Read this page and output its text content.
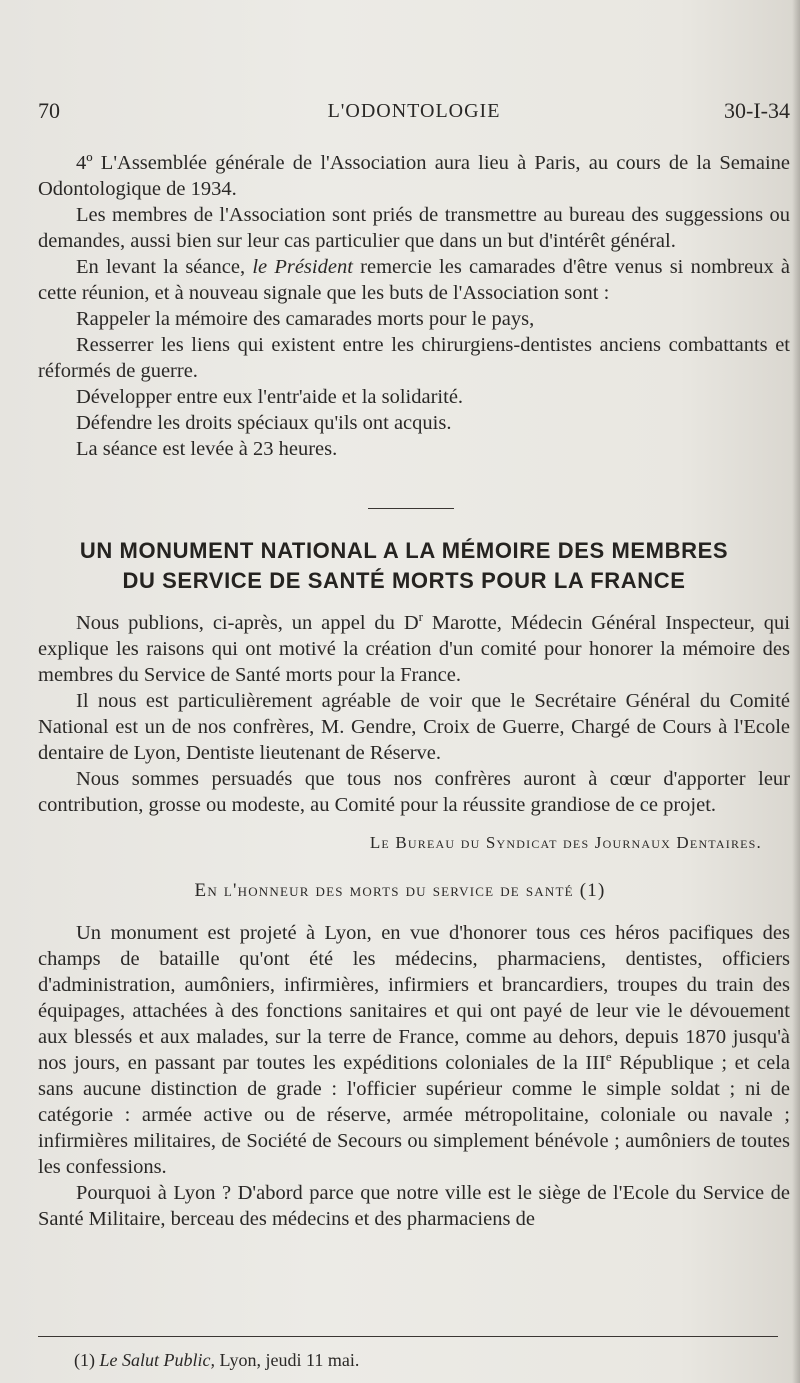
70	L'ODONTOLOGIE	30-I-34

4º L'Assemblée générale de l'Association aura lieu à Paris, au cours de la Semaine Odontologique de 1934.

Les membres de l'Association sont priés de transmettre au bureau des suggessions ou demandes, aussi bien sur leur cas particulier que dans un but d'intérêt général.

En levant la séance, le Président remercie les camarades d'être venus si nombreux à cette réunion, et à nouveau signale que les buts de l'Association sont :

Rappeler la mémoire des camarades morts pour le pays,

Resserrer les liens qui existent entre les chirurgiens-dentistes anciens combattants et réformés de guerre.

Développer entre eux l'entr'aide et la solidarité.

Défendre les droits spéciaux qu'ils ont acquis.

La séance est levée à 23 heures.

UN MONUMENT NATIONAL A LA MÉMOIRE DES MEMBRES
DU SERVICE DE SANTÉ MORTS POUR LA FRANCE

Nous publions, ci-après, un appel du $D^r$ Marotte, Médecin Général Inspecteur, qui explique les raisons qui ont motivé la création d'un comité pour honorer la mémoire des membres du Service de Santé morts pour la France.

Il nous est particulièrement agréable de voir que le Secrétaire Général du Comité National est un de nos confrères, M. Gendre, Croix de Guerre, Chargé de Cours à l'Ecole dentaire de Lyon, Dentiste lieutenant de Réserve.

Nous sommes persuadés que tous nos confrères auront à cœur d'apporter leur contribution, grosse ou modeste, au Comité pour la réussite grandiose de ce projet.

Le Bureau du Syndicat des Journaux Dentaires.
En l'honneur des morts du service de santé (1)

Un monument est projeté à Lyon, en vue d'honorer tous ces héros pacifiques des champs de bataille qu'ont été les médecins, pharmaciens, dentistes, officiers d'administration, aumôniers, infirmières, infirmiers et brancardiers, troupes du train des équipages, attachées à des fonctions sanitaires et qui ont payé de leur vie le dévouement aux blessés et aux malades, sur la terre de France, comme au dehors, depuis 1870 jusqu'à nos jours, en passant par toutes les expéditions coloniales de la IIIe République ; et cela sans aucune distinction de grade : l'officier supérieur comme le simple soldat ; ni de catégorie : armée active ou de réserve, armée métropolitaine, coloniale ou navale ; infirmières militaires, de Société de Secours ou simplement bénévole ; aumôniers de toutes les confessions.

Pourquoi à Lyon ? D'abord parce que notre ville est le siège de l'Ecole du Service de Santé Militaire, berceau des médecins et des pharmaciens de

(1) Le Salut Public, Lyon, jeudi 11 mai.
